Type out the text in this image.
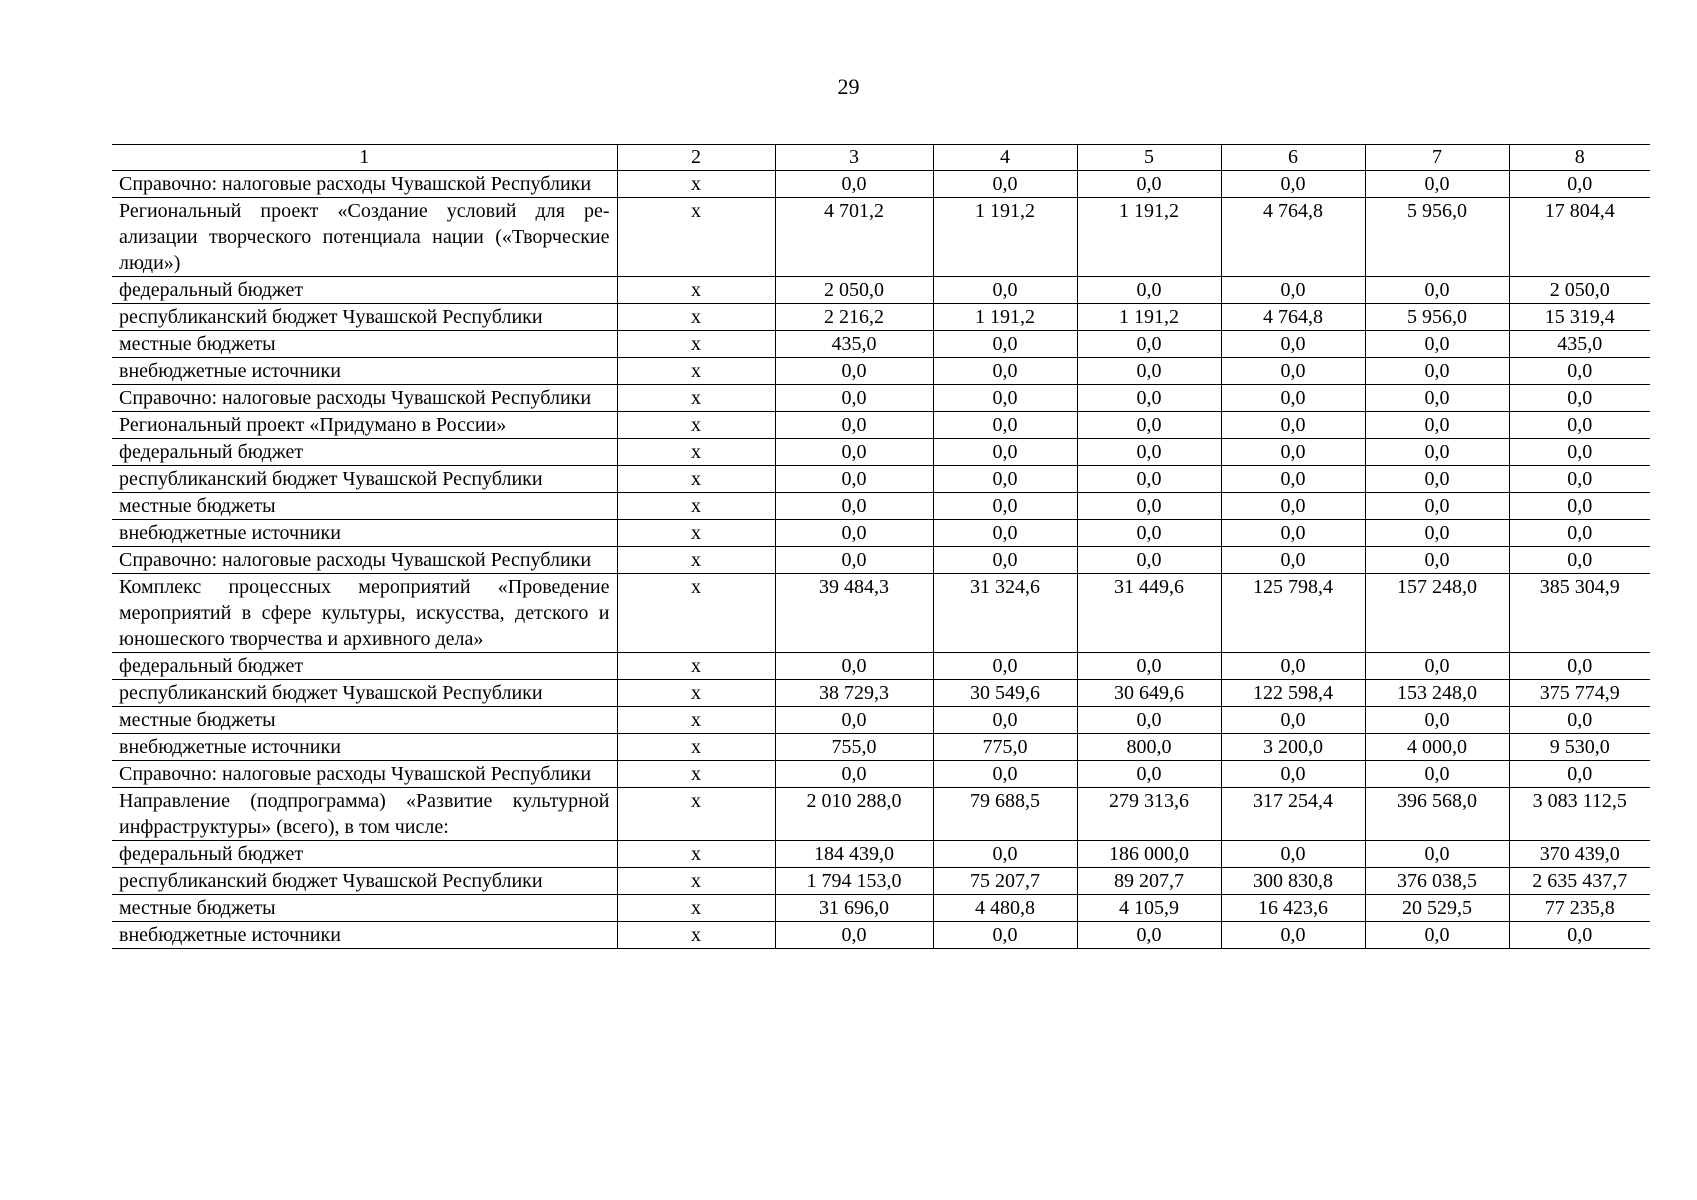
29
1	2	3	4	5	6	7	8
Справочно: налоговые расходы Чувашской Республики	x	0,0	0,0	0,0	0,0	0,0	0,0
Региональный проект «Создание условий для реализации творческого потенциала нации («Творческие люди»)	x	4 701,2	1 191,2	1 191,2	4 764,8	5 956,0	17 804,4
федеральный бюджет	x	2 050,0	0,0	0,0	0,0	0,0	2 050,0
республиканский бюджет Чувашской Республики	x	2 216,2	1 191,2	1 191,2	4 764,8	5 956,0	15 319,4
местные бюджеты	x	435,0	0,0	0,0	0,0	0,0	435,0
внебюджетные источники	x	0,0	0,0	0,0	0,0	0,0	0,0
Справочно: налоговые расходы Чувашской Республики	x	0,0	0,0	0,0	0,0	0,0	0,0
Региональный проект «Придумано в России»	x	0,0	0,0	0,0	0,0	0,0	0,0
федеральный бюджет	x	0,0	0,0	0,0	0,0	0,0	0,0
республиканский бюджет Чувашской Республики	x	0,0	0,0	0,0	0,0	0,0	0,0
местные бюджеты	x	0,0	0,0	0,0	0,0	0,0	0,0
внебюджетные источники	x	0,0	0,0	0,0	0,0	0,0	0,0
Справочно: налоговые расходы Чувашской Республики	x	0,0	0,0	0,0	0,0	0,0	0,0
Комплекс процессных мероприятий «Проведение мероприятий в сфере культуры, искусства, детского и юношеского творчества и архивного дела»	x	39 484,3	31 324,6	31 449,6	125 798,4	157 248,0	385 304,9
федеральный бюджет	x	0,0	0,0	0,0	0,0	0,0	0,0
республиканский бюджет Чувашской Республики	x	38 729,3	30 549,6	30 649,6	122 598,4	153 248,0	375 774,9
местные бюджеты	x	0,0	0,0	0,0	0,0	0,0	0,0
внебюджетные источники	x	755,0	775,0	800,0	3 200,0	4 000,0	9 530,0
Справочно: налоговые расходы Чувашской Республики	x	0,0	0,0	0,0	0,0	0,0	0,0
Направление (подпрограмма) «Развитие культурной инфраструктуры» (всего), в том числе:	x	2 010 288,0	79 688,5	279 313,6	317 254,4	396 568,0	3 083 112,5
федеральный бюджет	x	184 439,0	0,0	186 000,0	0,0	0,0	370 439,0
республиканский бюджет Чувашской Республики	x	1 794 153,0	75 207,7	89 207,7	300 830,8	376 038,5	2 635 437,7
местные бюджеты	x	31 696,0	4 480,8	4 105,9	16 423,6	20 529,5	77 235,8
внебюджетные источники	x	0,0	0,0	0,0	0,0	0,0	0,0
